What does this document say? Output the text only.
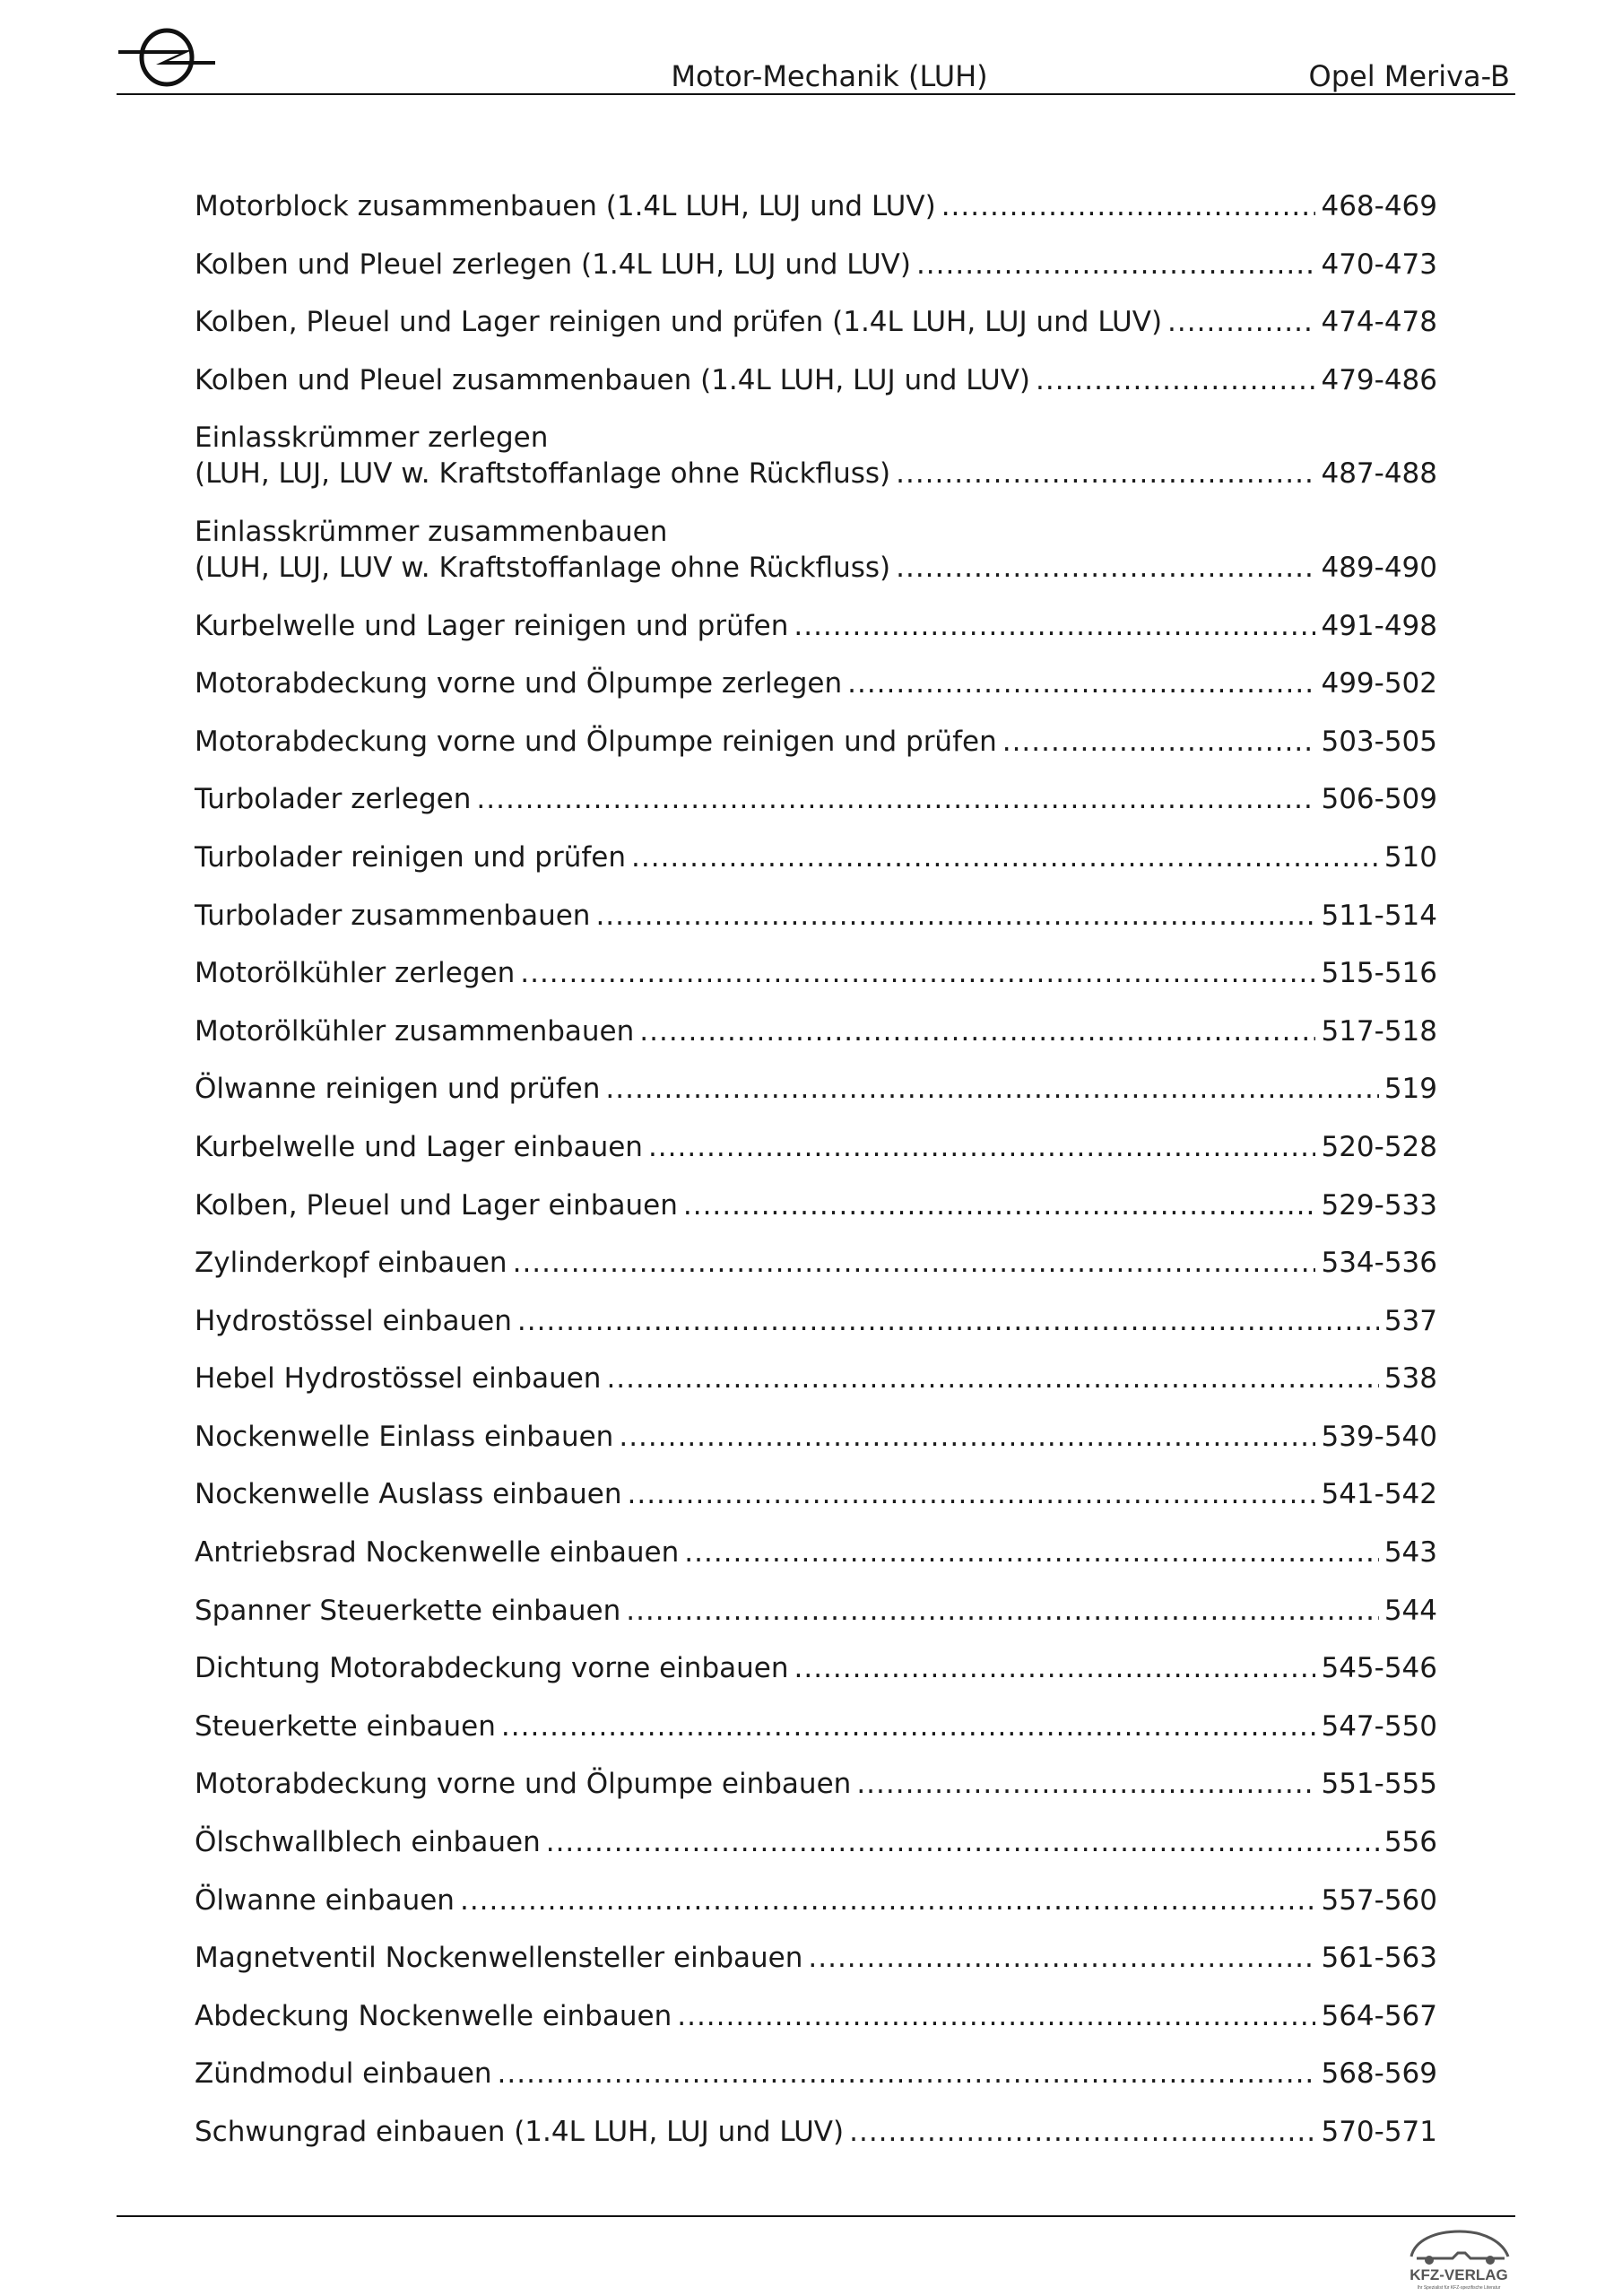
Motor-Mechanik (LUH)	Opel Meriva-B
Motorblock zusammenbauen (1.4L LUH, LUJ und LUV) .....	468-469
Kolben und Pleuel zerlegen (1.4L LUH, LUJ und LUV) .....	470-473
Kolben, Pleuel und Lager reinigen und prüfen (1.4L LUH, LUJ und LUV) .....	474-478
Kolben und Pleuel zusammenbauen (1.4L LUH, LUJ und LUV) .....	479-486
Einlasskrümmer zerlegen
(LUH, LUJ, LUV w. Kraftstoffanlage ohne Rückfluss) .....	487-488
Einlasskrümmer zusammenbauen
(LUH, LUJ, LUV w. Kraftstoffanlage ohne Rückfluss) .....	489-490
Kurbelwelle und Lager reinigen und prüfen .....	491-498
Motorabdeckung vorne und Ölpumpe zerlegen .....	499-502
Motorabdeckung vorne und Ölpumpe reinigen und prüfen .....	503-505
Turbolader zerlegen .....	506-509
Turbolader reinigen und prüfen .....	510
Turbolader zusammenbauen .....	511-514
Motorölkühler zerlegen .....	515-516
Motorölkühler zusammenbauen .....	517-518
Ölwanne reinigen und prüfen .....	519
Kurbelwelle und Lager einbauen .....	520-528
Kolben, Pleuel und Lager einbauen .....	529-533
Zylinderkopf einbauen .....	534-536
Hydrostössel einbauen .....	537
Hebel Hydrostössel einbauen .....	538
Nockenwelle Einlass einbauen .....	539-540
Nockenwelle Auslass einbauen .....	541-542
Antriebsrad Nockenwelle einbauen .....	543
Spanner Steuerkette einbauen .....	544
Dichtung Motorabdeckung vorne einbauen .....	545-546
Steuerkette einbauen .....	547-550
Motorabdeckung vorne und Ölpumpe einbauen .....	551-555
Ölschwallblech einbauen .....	556
Ölwanne einbauen .....	557-560
Magnetventil Nockenwellensteller einbauen .....	561-563
Abdeckung Nockenwelle einbauen .....	564-567
Zündmodul einbauen .....	568-569
Schwungrad einbauen (1.4L LUH, LUJ und LUV) .....	570-571
KFZ-VERLAG
Ihr Spezialist für KFZ-spezifische Literatur
